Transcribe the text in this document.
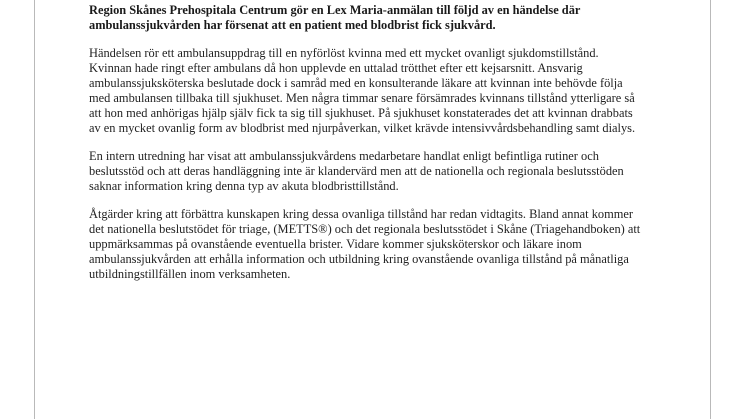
Region Skånes Prehospitala Centrum gör en Lex Maria-anmälan till följd av en händelse där ambulanssjukvården har försenat att en patient med blodbrist fick sjukvård.

Händelsen rör ett ambulansuppdrag till en nyförlöst kvinna med ett mycket ovanligt sjukdomstillstånd. Kvinnan hade ringt efter ambulans då hon upplevde en uttalad trötthet efter ett kejsarsnitt. Ansvarig ambulanssjuksköterska beslutade dock i samråd med en konsulterande läkare att kvinnan inte behövde följa med ambulansen tillbaka till sjukhuset. Men några timmar senare försämrades kvinnans tillstånd ytterligare så att hon med anhörigas hjälp själv fick ta sig till sjukhuset. På sjukhuset konstaterades det att kvinnan drabbats av en mycket ovanlig form av blodbrist med njurpåverkan, vilket krävde intensivvårdsbehandling samt dialys.

En intern utredning har visat att ambulanssjukvårdens medarbetare handlat enligt befintliga rutiner och beslutsstöd och att deras handläggning inte är klandervärd men att de nationella och regionala beslutsstöden saknar information kring denna typ av akuta blodbristtillstånd.

Åtgärder kring att förbättra kunskapen kring dessa ovanliga tillstånd har redan vidtagits. Bland annat kommer det nationella beslutstödet för triage, (METTS®) och det regionala beslutsstödet i Skåne (Triagehandboken) att uppmärksammas på ovanstående eventuella brister. Vidare kommer sjuksköterskor och läkare inom ambulanssjukvården att erhålla information och utbildning kring ovanstående ovanliga tillstånd på månatliga utbildningstillfällen inom verksamheten.
